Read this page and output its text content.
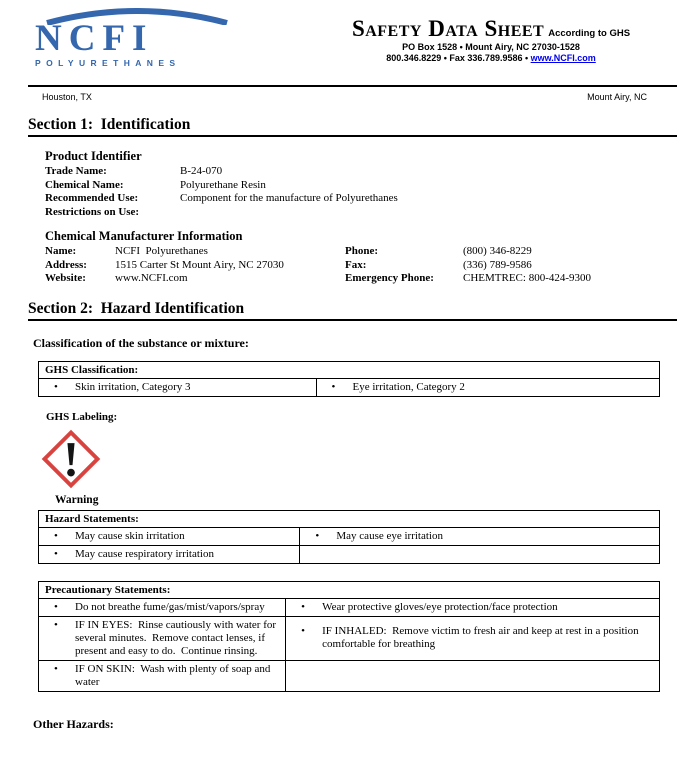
NCFI
POLYURETHANES
Safety Data Sheet According to GHS
PO Box 1528 • Mount Airy, NC 27030-1528
800.346.8229 • Fax 336.789.9586 • www.NCFI.com
Houston, TX	Mount Airy, NC
Section 1:  Identification
Product Identifier
Trade Name:	B-24-070
Chemical Name:	Polyurethane Resin
Recommended Use:	Component for the manufacture of Polyurethanes
Restrictions on Use:
Chemical Manufacturer Information
Name:	NCFI  Polyurethanes
Address:	1515 Carter St Mount Airy, NC 27030
Website:	www.NCFI.com
Phone:	(800) 346-8229
Fax:	(336) 789-9586
Emergency Phone:	CHEMTREC: 800-424-9300
Section 2:  Hazard Identification
Classification of the substance or mixture:
GHS Classification:
•	Skin irritation, Category 3	•	Eye irritation, Category 2
GHS Labeling:
Warning
Hazard Statements:
•	May cause skin irritation	•	May cause eye irritation
•	May cause respiratory irritation
Precautionary Statements:
•	Do not breathe fume/gas/mist/vapors/spray	•	Wear protective gloves/eye protection/face protection
•	IF IN EYES:  Rinse cautiously with water for several minutes.  Remove contact lenses, if present and easy to do.  Continue rinsing.
•	IF INHALED:  Remove victim to fresh air and keep at rest in a position comfortable for breathing
•	IF ON SKIN:  Wash with plenty of soap and water
Other Hazards:
